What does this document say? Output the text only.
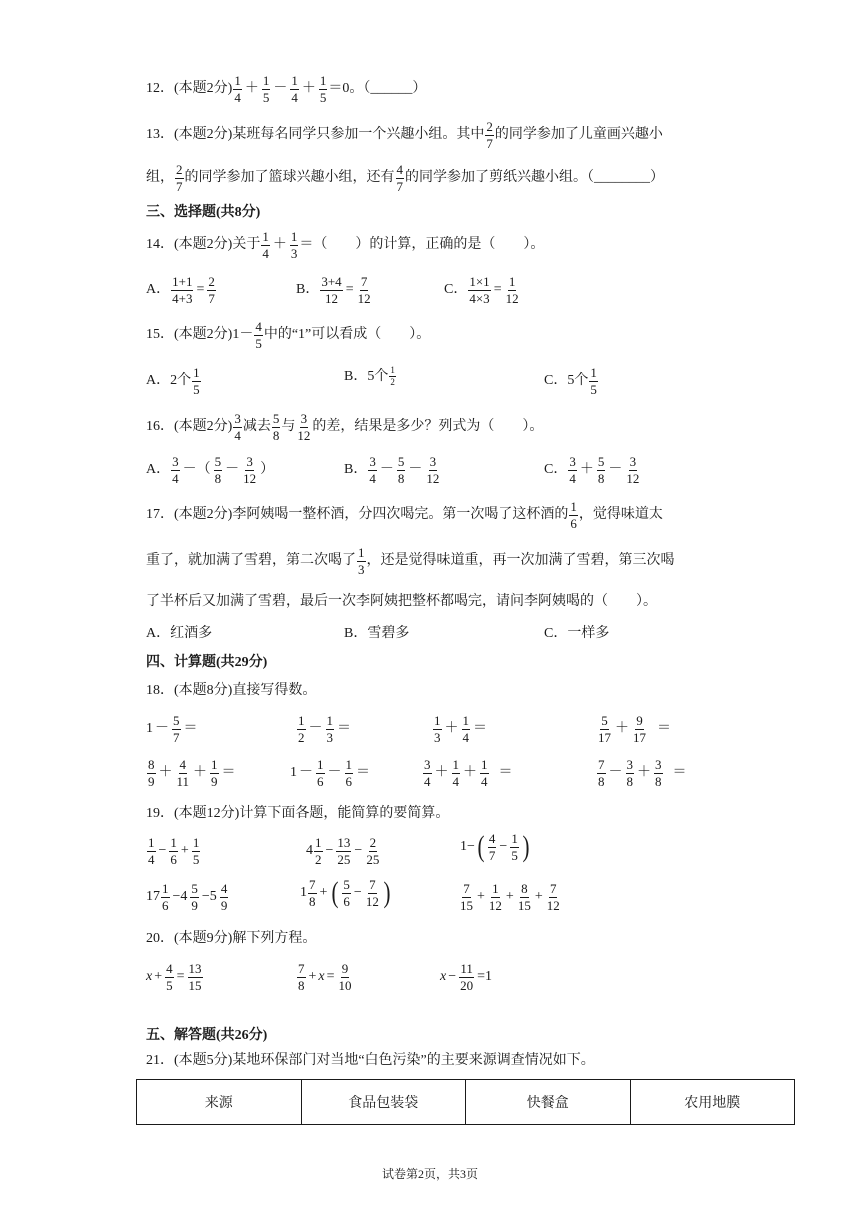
12．(本题2分) $\frac{1}{4} + \frac{1}{5} - \frac{1}{4} + \frac{1}{5} =0$。（______）
13．(本题2分)某班每名同学只参加一个兴趣小组。其中 $\frac{2}{7}$ 的同学参加了儿童画兴趣小
组， $\frac{2}{7}$ 的同学参加了篮球兴趣小组，还有 $\frac{4}{7}$ 的同学参加了剪纸兴趣小组。（________）
三、选择题(共8分)
14．(本题2分)关于 $\frac{1}{4} + \frac{1}{3}$ ＝（　　）的计算，正确的是（　　）。
A． $\frac{1+1}{4+3} = \frac{2}{7}$	B． $\frac{3+4}{12} = \frac{7}{12}$	C． $\frac{1\times 1}{4\times 3} = \frac{1}{12}$
15．(本题2分)$1- \frac{4}{5}$ 中的“1”可以看成（　　）。
A．2个 $\frac{1}{5}$	B．5个 $\frac{1}{2}$	C．5个 $\frac{1}{5}$
16．(本题2分) $\frac{3}{4}$ 减去 $\frac{5}{8}$ 与 $\frac{3}{12}$ 的差，结果是多少？列式为（　　）。
A． $\frac{3}{4}$ －（ $\frac{5}{8} - \frac{3}{12}$ ）	B． $\frac{3}{4} - \frac{5}{8} - \frac{3}{12}$	C． $\frac{3}{4} + \frac{5}{8} - \frac{3}{12}$
17．(本题2分)李阿姨喝一整杯酒，分四次喝完。第一次喝了这杯酒的 $\frac{1}{6}$ ，觉得味道太
重了，就加满了雪碧，第二次喝了 $\frac{1}{3}$ ，还是觉得味道重，再一次加满了雪碧，第三次喝
了半杯后又加满了雪碧，最后一次李阿姨把整杯都喝完，请问李阿姨喝的（　　）。
A．红酒多	B．雪碧多	C．一样多
四、计算题(共29分)
18．(本题8分)直接写得数。
$1 - \frac{5}{7}$ ＝	$\frac{1}{2} - \frac{1}{3}$ ＝	$\frac{1}{3} + \frac{1}{4}$ ＝	$\frac{5}{17} + \frac{9}{17}$ ＝
$\frac{8}{9} + \frac{4}{11} + \frac{1}{9}$ ＝	$1 - \frac{1}{6} - \frac{1}{6}$ ＝	$\frac{3}{4} + \frac{1}{4} + \frac{1}{4}$ ＝	$\frac{7}{8} - \frac{3}{8} + \frac{3}{8}$ ＝
19．(本题12分)计算下面各题，能简算的要简算。
$\frac{1}{4} - \frac{1}{6} + \frac{1}{5}$	$4 \frac{1}{2} - \frac{13}{25} - \frac{2}{25}$	1− ( $\frac{4}{7} - \frac{1}{5}$ )
$17 \frac{1}{6} -4 \frac{5}{9} -5 \frac{4}{9}$	$1 \frac{7}{8}$ + ( $\frac{5}{6} - \frac{7}{12}$ )	$\frac{7}{15} + \frac{1}{12} + \frac{8}{15} + \frac{7}{12}$
20．(本题9分)解下列方程。
$x + \frac{4}{5} = \frac{13}{15}$	$\frac{7}{8} + x = \frac{9}{10}$	$x - \frac{11}{20} =1$
五、解答题(共26分)
21．(本题5分)某地环保部门对当地“白色污染”的主要来源调查情况如下。
来源	食品包装袋	快餐盒	农用地膜
试卷第2页，共3页
